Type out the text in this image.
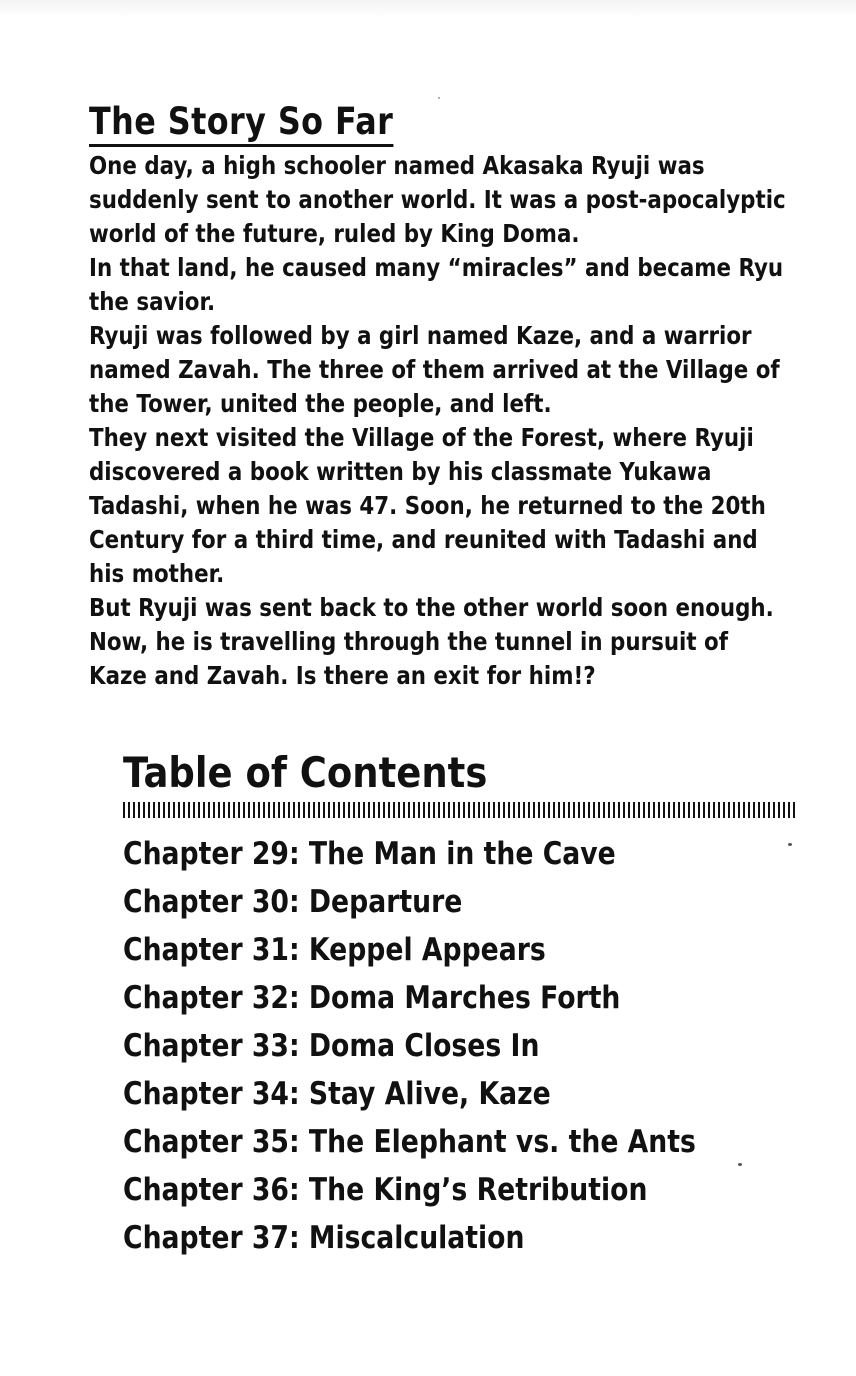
The Story So Far

One day, a high schooler named Akasaka Ryuji was suddenly sent to another world. It was a post-apocalyptic world of the future, ruled by King Doma.

In that land, he caused many “miracles” and became Ryu the savior.

Ryuji was followed by a girl named Kaze, and a warrior named Zavah. The three of them arrived at the Village of the Tower, united the people, and left.

They next visited the Village of the Forest, where Ryuji discovered a book written by his classmate Yukawa Tadashi, when he was 47. Soon, he returned to the 20th Century for a third time, and reunited with Tadashi and his mother.

But Ryuji was sent back to the other world soon enough. Now, he is travelling through the tunnel in pursuit of Kaze and Zavah. Is there an exit for him!?

Table of Contents
Chapter 29: The Man in the Cave
Chapter 30: Departure
Chapter 31: Keppel Appears
Chapter 32: Doma Marches Forth
Chapter 33: Doma Closes In
Chapter 34: Stay Alive, Kaze
Chapter 35: The Elephant vs. the Ants
Chapter 36: The King’s Retribution
Chapter 37: Miscalculation
